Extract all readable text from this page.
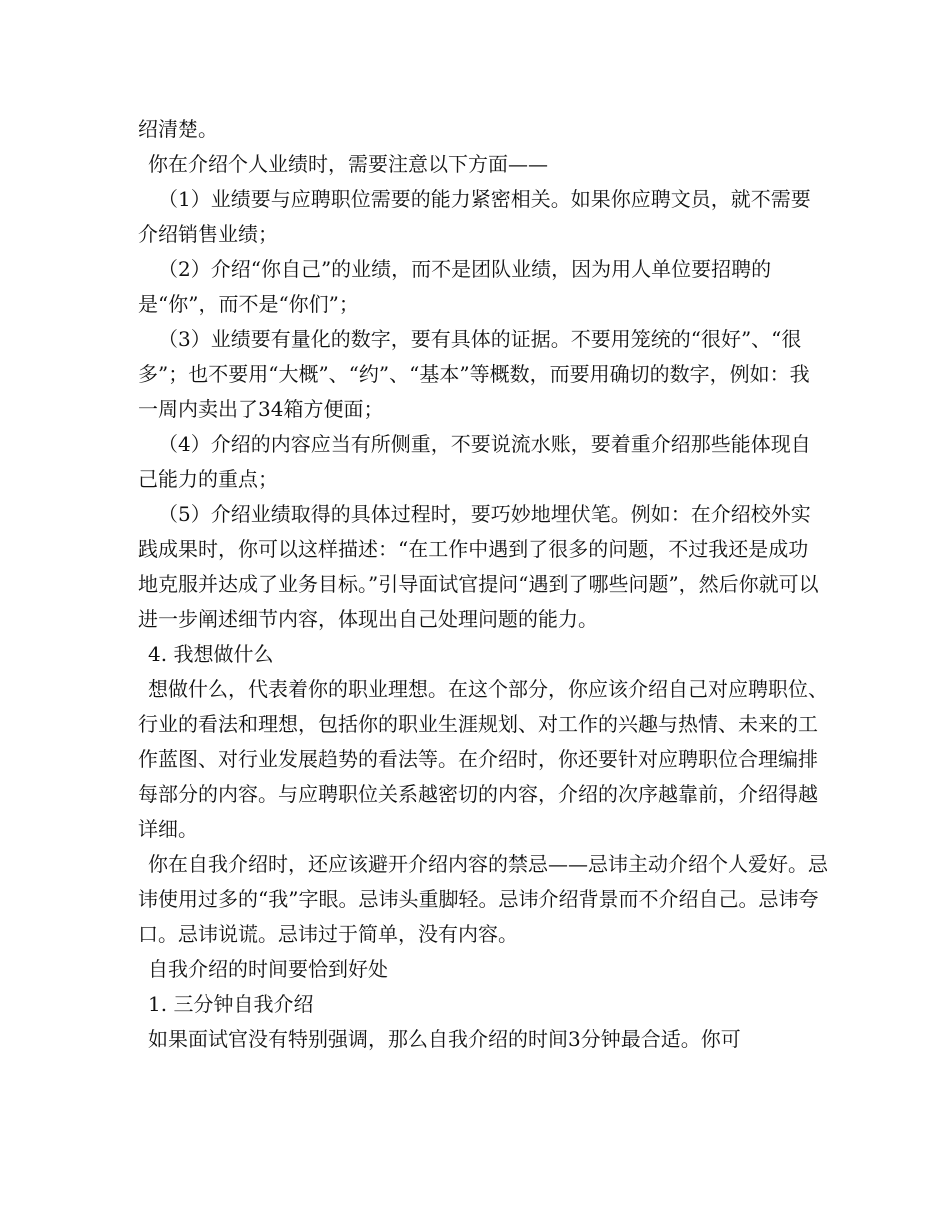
绍清楚。

你在介绍个人业绩时，需要注意以下方面——

（1）业绩要与应聘职位需要的能力紧密相关。如果你应聘文员，就不需要介绍销售业绩；

（2）介绍“你自己”的业绩，而不是团队业绩，因为用人单位要招聘的是“你”，而不是“你们”；

（3）业绩要有量化的数字，要有具体的证据。不要用笼统的“很好”、“很多”；也不要用“大概”、“约”、“基本”等概数，而要用确切的数字，例如：我一周内卖出了34箱方便面；

（4）介绍的内容应当有所侧重，不要说流水账，要着重介绍那些能体现自己能力的重点；

（5）介绍业绩取得的具体过程时，要巧妙地埋伏笔。例如：在介绍校外实践成果时，你可以这样描述：“在工作中遇到了很多的问题，不过我还是成功地克服并达成了业务目标。”引导面试官提问“遇到了哪些问题”，然后你就可以进一步阐述细节内容，体现出自己处理问题的能力。

4. 我想做什么

想做什么，代表着你的职业理想。在这个部分，你应该介绍自己对应聘职位、行业的看法和理想，包括你的职业生涯规划、对工作的兴趣与热情、未来的工作蓝图、对行业发展趋势的看法等。在介绍时，你还要针对应聘职位合理编排每部分的内容。与应聘职位关系越密切的内容，介绍的次序越靠前，介绍得越详细。

你在自我介绍时，还应该避开介绍内容的禁忌——忌讳主动介绍个人爱好。忌讳使用过多的“我”字眼。忌讳头重脚轻。忌讳介绍背景而不介绍自己。忌讳夸口。忌讳说谎。忌讳过于简单，没有内容。

自我介绍的时间要恰到好处

1. 三分钟自我介绍

如果面试官没有特别强调，那么自我介绍的时间3分钟最合适。你可
